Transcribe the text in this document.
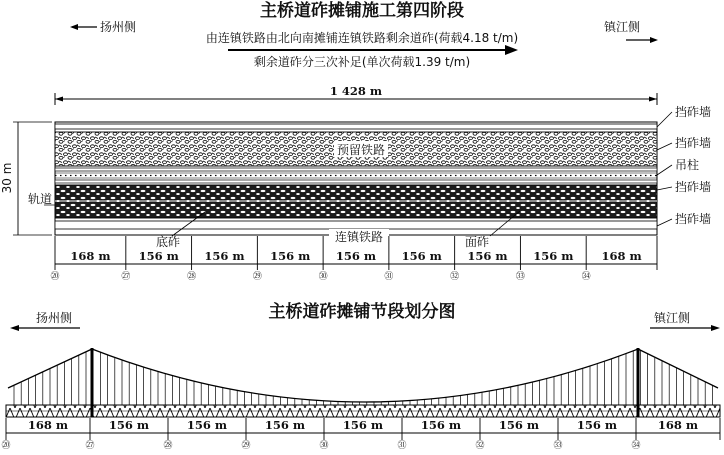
主桥道砟摊铺施工第四阶段
扬州侧	镇江侧
由连镇铁路由北向南摊铺连镇铁路剩余道砟(荷载4.18 t/m)
剩余道砟分三次补足(单次荷载1.39 t/m)
1 428 m
30 m
轨道
预留铁路
连镇铁路
底砟	面砟
挡砟墙
挡砟墙
吊柱
挡砟墙
挡砟墙
168 m
⑳
156 m
㉗
156 m
㉘
156 m
㉙
156 m
㉚
156 m
㉛
156 m
㉜
156 m
㉝
168 m
㉞
主桥道砟摊铺节段划分图
扬州侧	镇江侧
168 m
⑳
156 m
㉗
156 m
㉘
156 m
㉙
156 m
㉚
156 m
㉛
156 m
㉜
156 m
㉝
168 m
㉞
